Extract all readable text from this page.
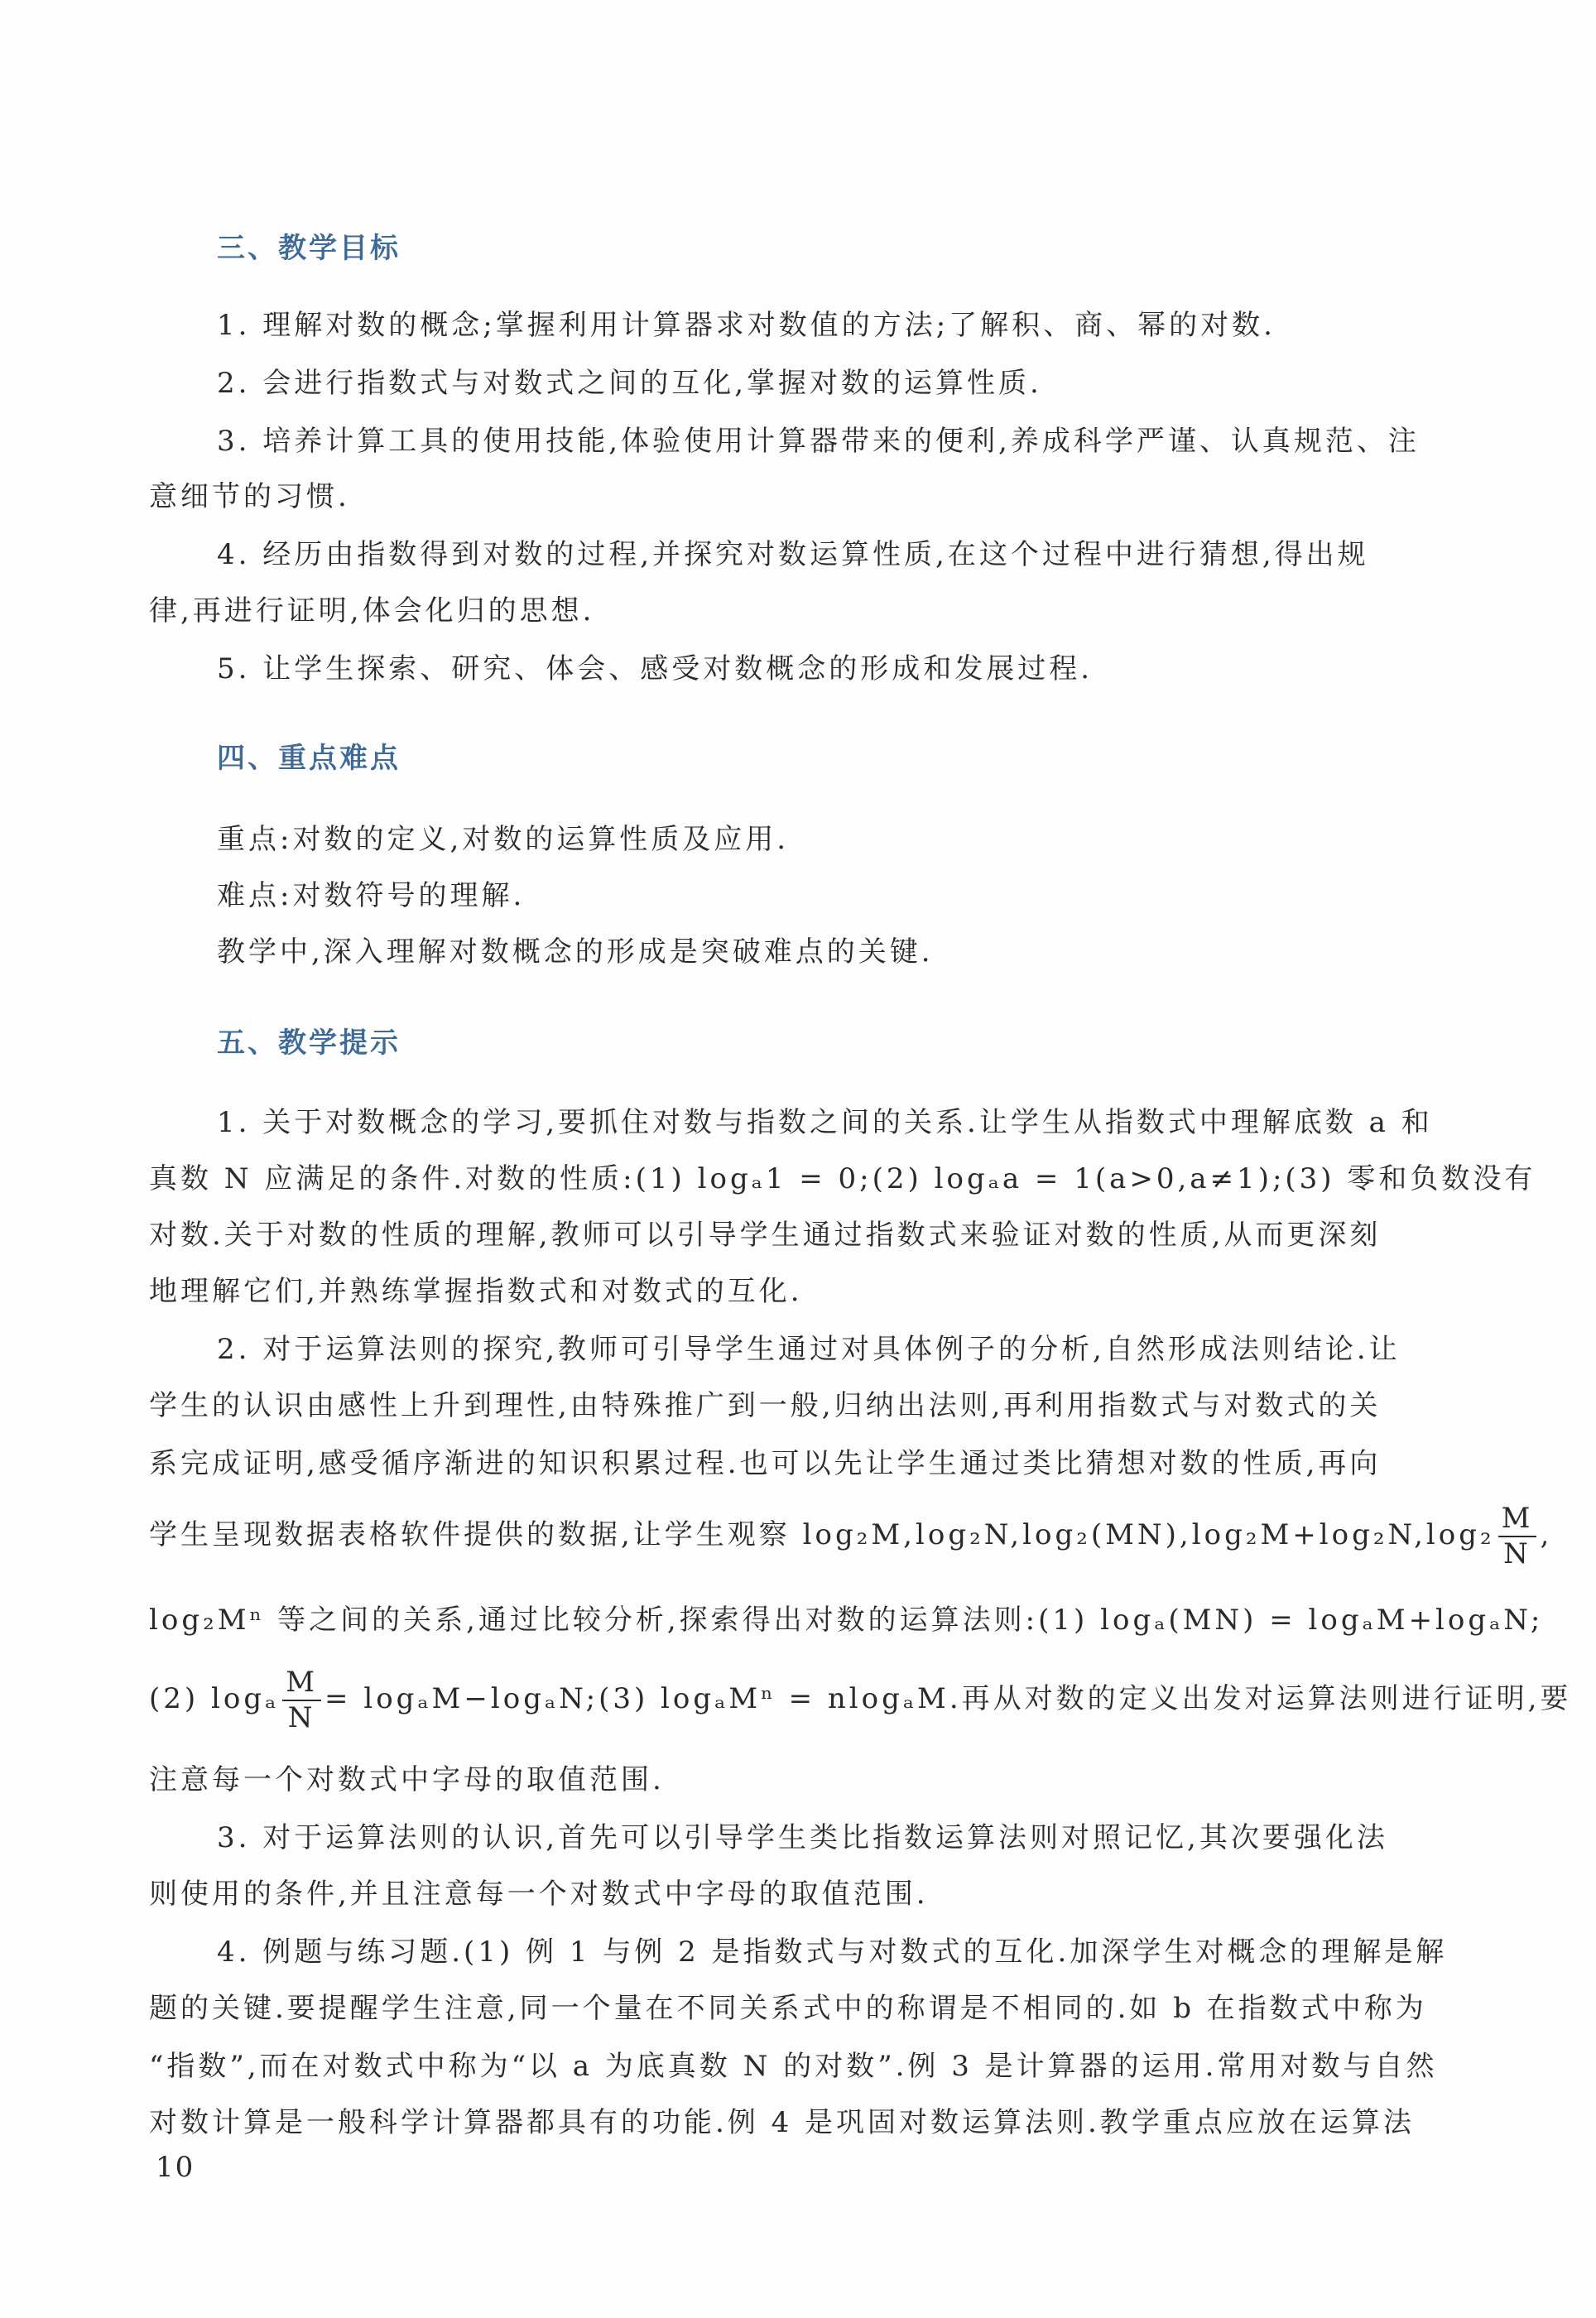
三、教学目标
1. 理解对数的概念;掌握利用计算器求对数值的方法;了解积、商、幂的对数.
2. 会进行指数式与对数式之间的互化,掌握对数的运算性质.
3. 培养计算工具的使用技能,体验使用计算器带来的便利,养成科学严谨、认真规范、注
意细节的习惯.
4. 经历由指数得到对数的过程,并探究对数运算性质,在这个过程中进行猜想,得出规
律,再进行证明,体会化归的思想.
5. 让学生探索、研究、体会、感受对数概念的形成和发展过程.
四、重点难点
重点:对数的定义,对数的运算性质及应用.
难点:对数符号的理解.
教学中,深入理解对数概念的形成是突破难点的关键.
五、教学提示
1. 关于对数概念的学习,要抓住对数与指数之间的关系.让学生从指数式中理解底数 a 和
真数 N 应满足的条件.对数的性质:(1) logₐ1 = 0;(2) logₐa = 1(a>0,a≠1);(3) 零和负数没有
对数.关于对数的性质的理解,教师可以引导学生通过指数式来验证对数的性质,从而更深刻
地理解它们,并熟练掌握指数式和对数式的互化.
2. 对于运算法则的探究,教师可引导学生通过对具体例子的分析,自然形成法则结论.让
学生的认识由感性上升到理性,由特殊推广到一般,归纳出法则,再利用指数式与对数式的关
系完成证明,感受循序渐进的知识积累过程.也可以先让学生通过类比猜想对数的性质,再向
学生呈现数据表格软件提供的数据,让学生观察 $\log_2M,\log_2N,\log_2(MN),\log_2M+\log_2N,\log_2 \frac{M}{N}$ ,
log₂Mⁿ 等之间的关系,通过比较分析,探索得出对数的运算法则:(1) logₐ(MN) = logₐM+logₐN;
(2) logₐ $\frac{M}{N}$ = logₐM−logₐN;(3) logₐMⁿ = nlogₐM.再从对数的定义出发对运算法则进行证明,要
注意每一个对数式中字母的取值范围.
3. 对于运算法则的认识,首先可以引导学生类比指数运算法则对照记忆,其次要强化法
则使用的条件,并且注意每一个对数式中字母的取值范围.
4. 例题与练习题.(1) 例 1 与例 2 是指数式与对数式的互化.加深学生对概念的理解是解
题的关键.要提醒学生注意,同一个量在不同关系式中的称谓是不相同的.如 b 在指数式中称为
“指数”,而在对数式中称为“以 a 为底真数 N 的对数”.例 3 是计算器的运用.常用对数与自然
对数计算是一般科学计算器都具有的功能.例 4 是巩固对数运算法则.教学重点应放在运算法
10
